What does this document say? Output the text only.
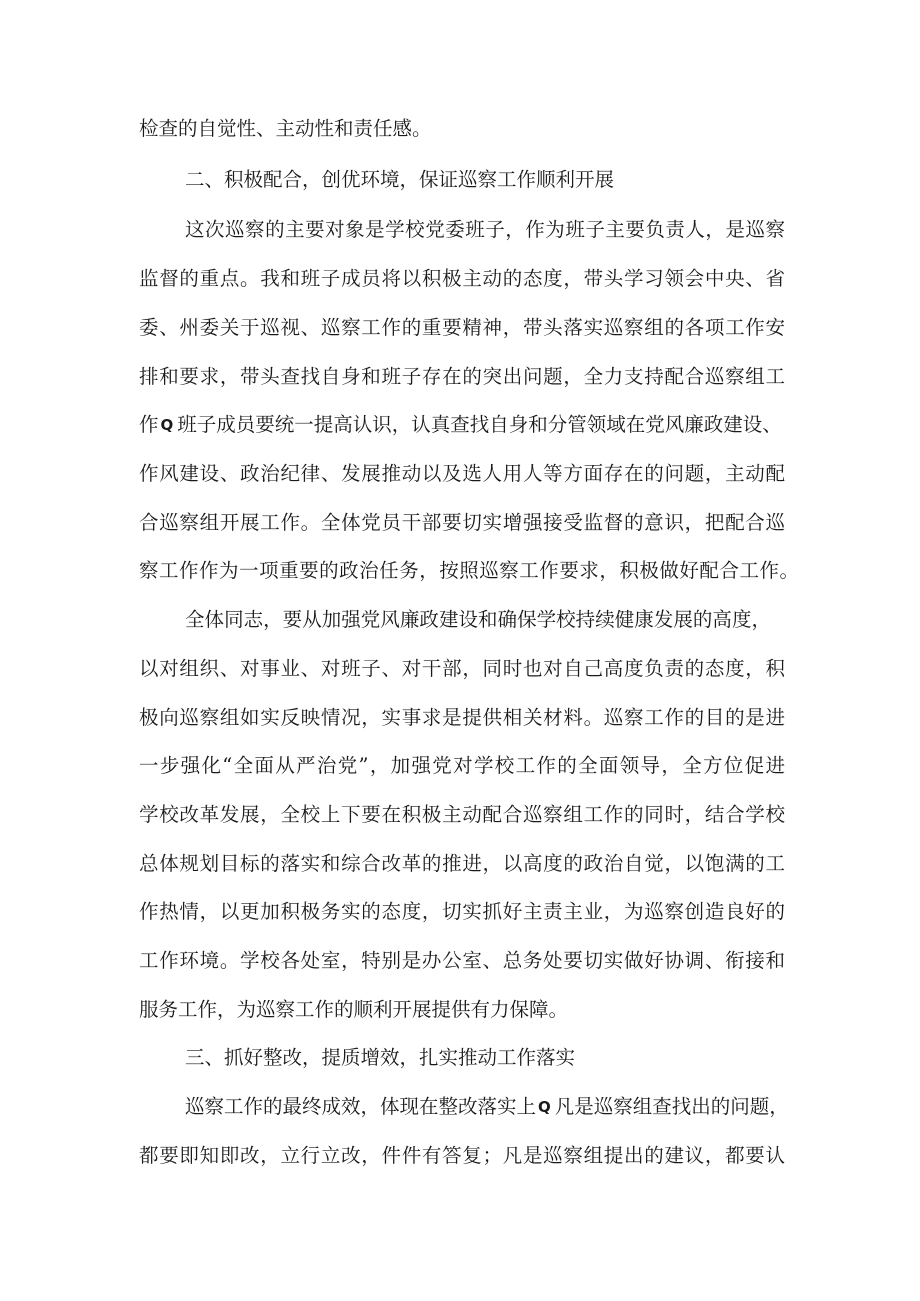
检查的自觉性、主动性和责任感。
二、积极配合，创优环境，保证巡察工作顺利开展
这次巡察的主要对象是学校党委班子，作为班子主要负责人，是巡察
监督的重点。我和班子成员将以积极主动的态度，带头学习领会中央、省
委、州委关于巡视、巡察工作的重要精神，带头落实巡察组的各项工作安
排和要求，带头查找自身和班子存在的突出问题，全力支持配合巡察组工
作 Q 班子成员要统一提高认识，认真查找自身和分管领域在党风廉政建设、
作风建设、政治纪律、发展推动以及选人用人等方面存在的问题，主动配
合巡察组开展工作。全体党员干部要切实增强接受监督的意识，把配合巡
察工作作为一项重要的政治任务，按照巡察工作要求，积极做好配合工作。
全体同志，要从加强党风廉政建设和确保学校持续健康发展的高度，
以对组织、对事业、对班子、对干部，同时也对自己高度负责的态度，积
极向巡察组如实反映情况，实事求是提供相关材料。巡察工作的目的是进
一步强化“全面从严治党”，加强党对学校工作的全面领导，全方位促进
学校改革发展，全校上下要在积极主动配合巡察组工作的同时，结合学校
总体规划目标的落实和综合改革的推进，以高度的政治自觉，以饱满的工
作热情，以更加积极务实的态度，切实抓好主责主业，为巡察创造良好的
工作环境。学校各处室，特别是办公室、总务处要切实做好协调、衔接和
服务工作，为巡察工作的顺利开展提供有力保障。
三、抓好整改，提质增效，扎实推动工作落实
巡察工作的最终成效，体现在整改落实上 Q 凡是巡察组查找出的问题，
都要即知即改，立行立改，件件有答复；凡是巡察组提出的建议，都要认
